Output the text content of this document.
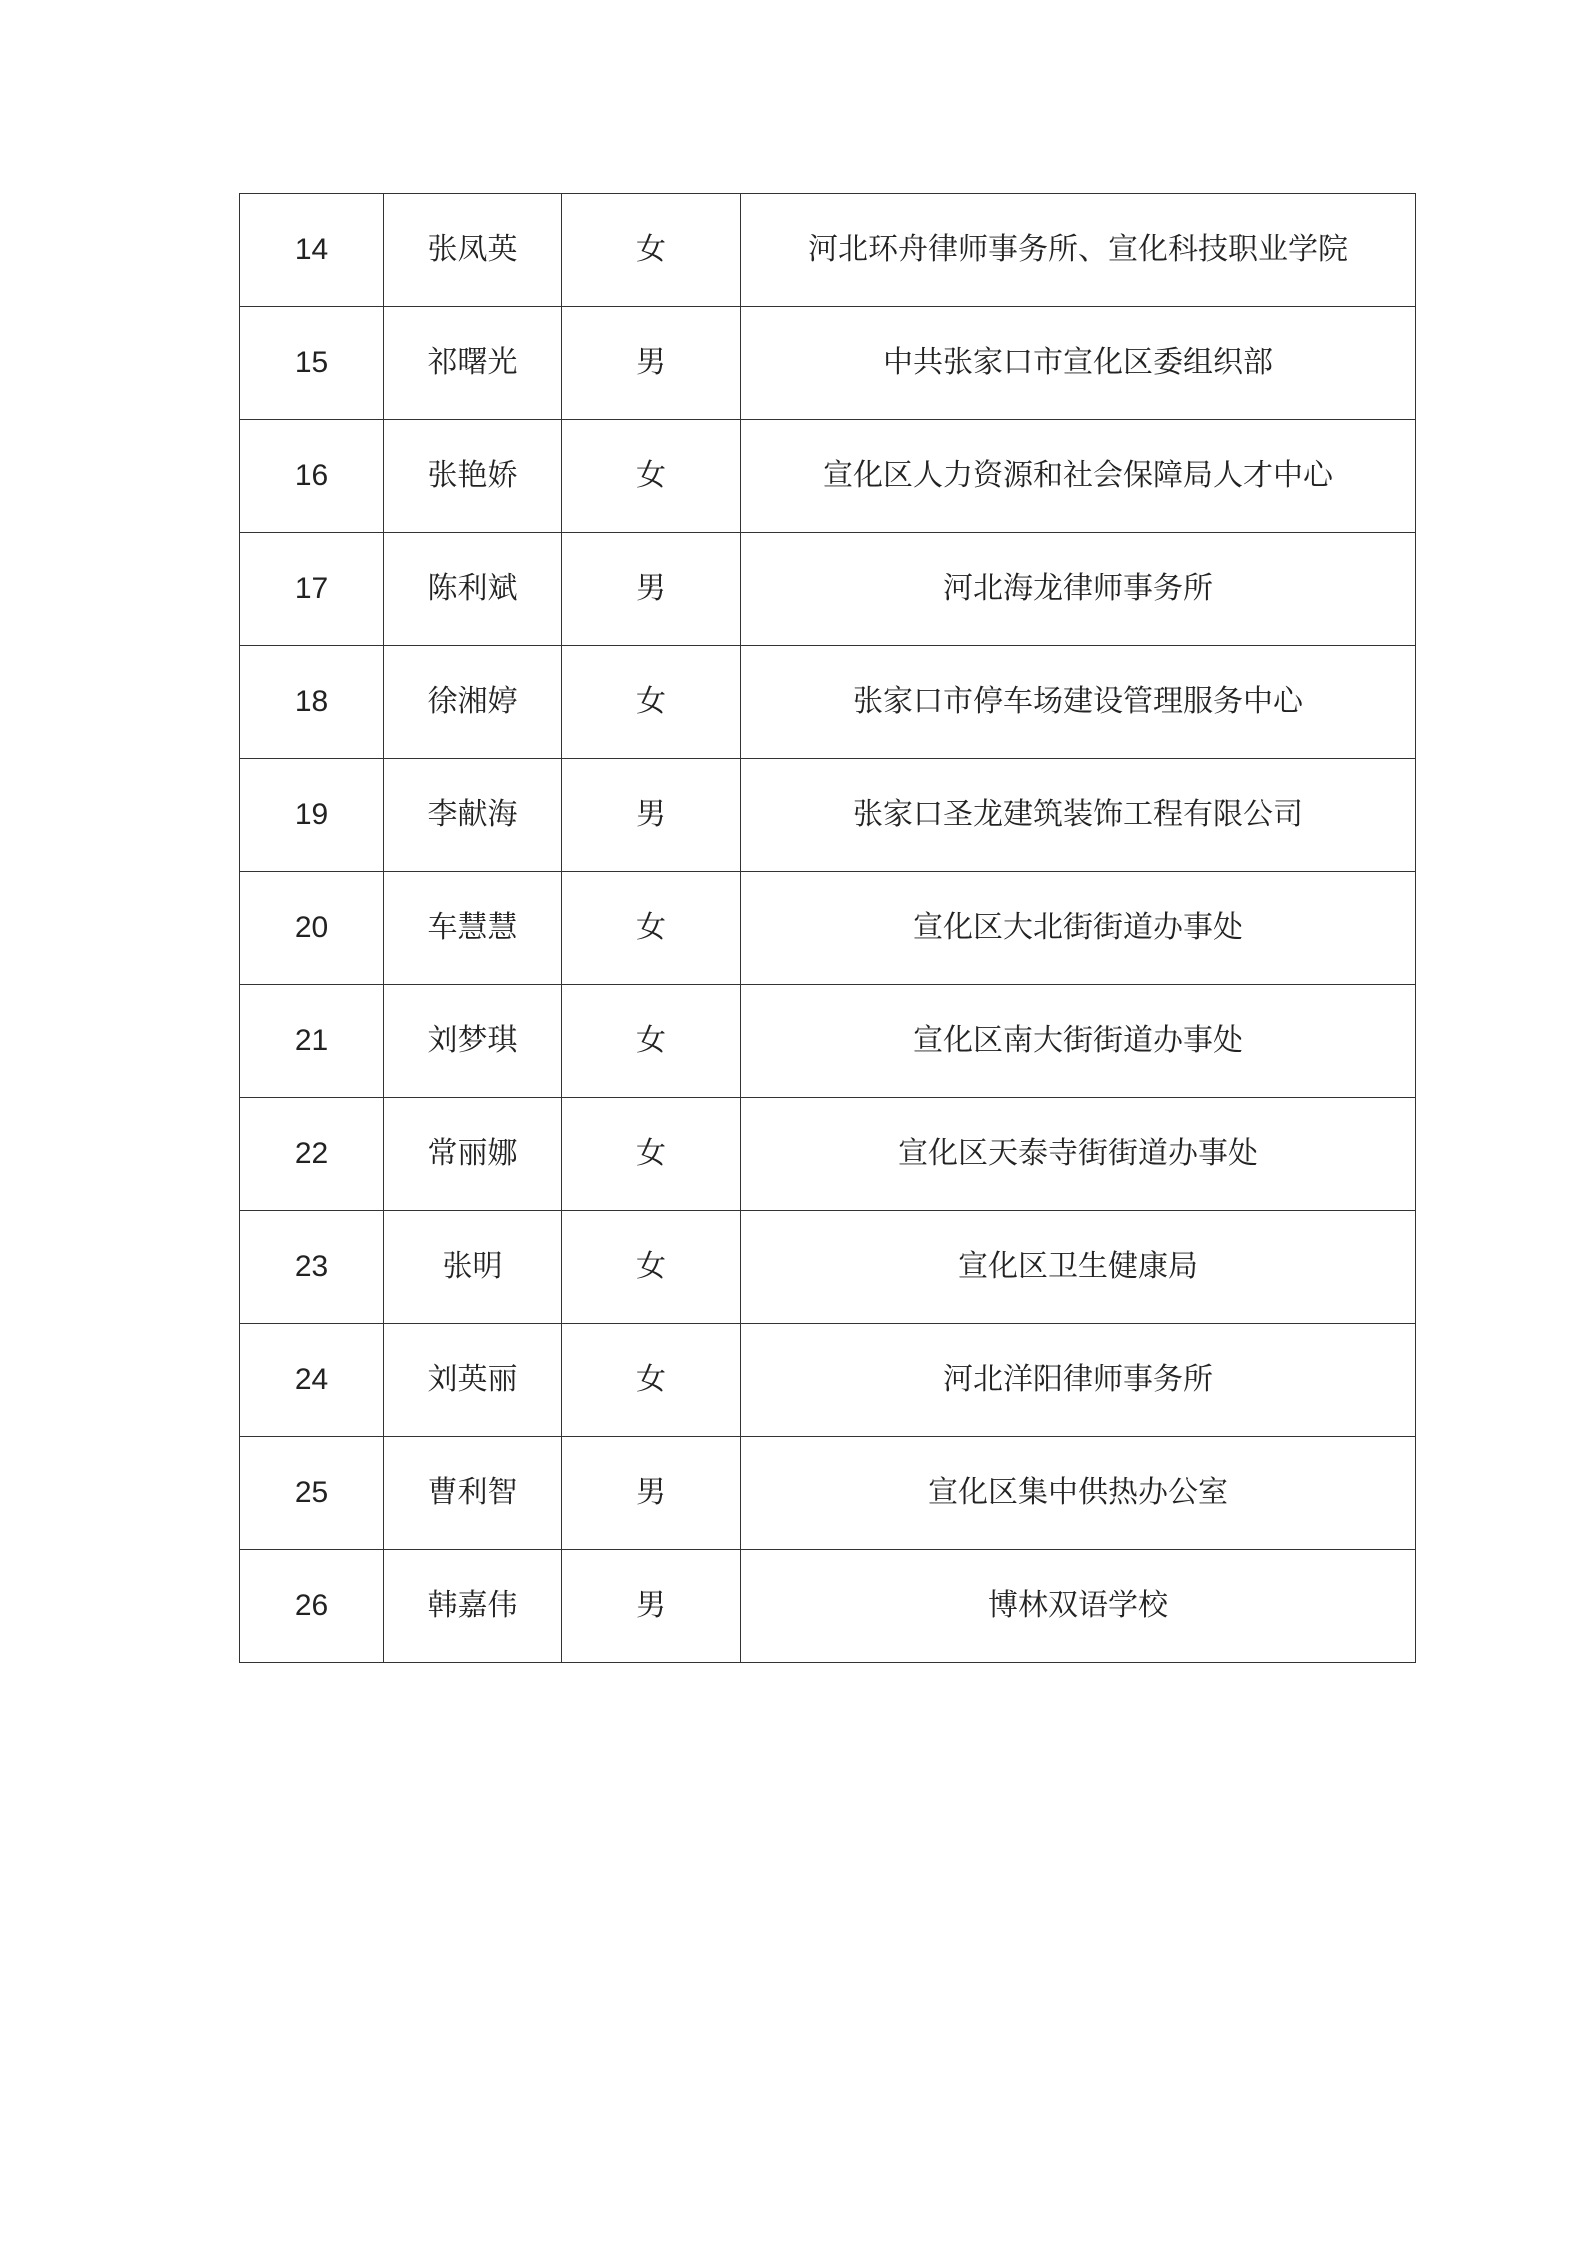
14	张凤英	女	河北环舟律师事务所、宣化科技职业学院
15	祁曙光	男	中共张家口市宣化区委组织部
16	张艳娇	女	宣化区人力资源和社会保障局人才中心
17	陈利斌	男	河北海龙律师事务所
18	徐湘婷	女	张家口市停车场建设管理服务中心
19	李献海	男	张家口圣龙建筑装饰工程有限公司
20	车慧慧	女	宣化区大北街街道办事处
21	刘梦琪	女	宣化区南大街街道办事处
22	常丽娜	女	宣化区天泰寺街街道办事处
23	张明	女	宣化区卫生健康局
24	刘英丽	女	河北洋阳律师事务所
25	曹利智	男	宣化区集中供热办公室
26	韩嘉伟	男	博林双语学校
